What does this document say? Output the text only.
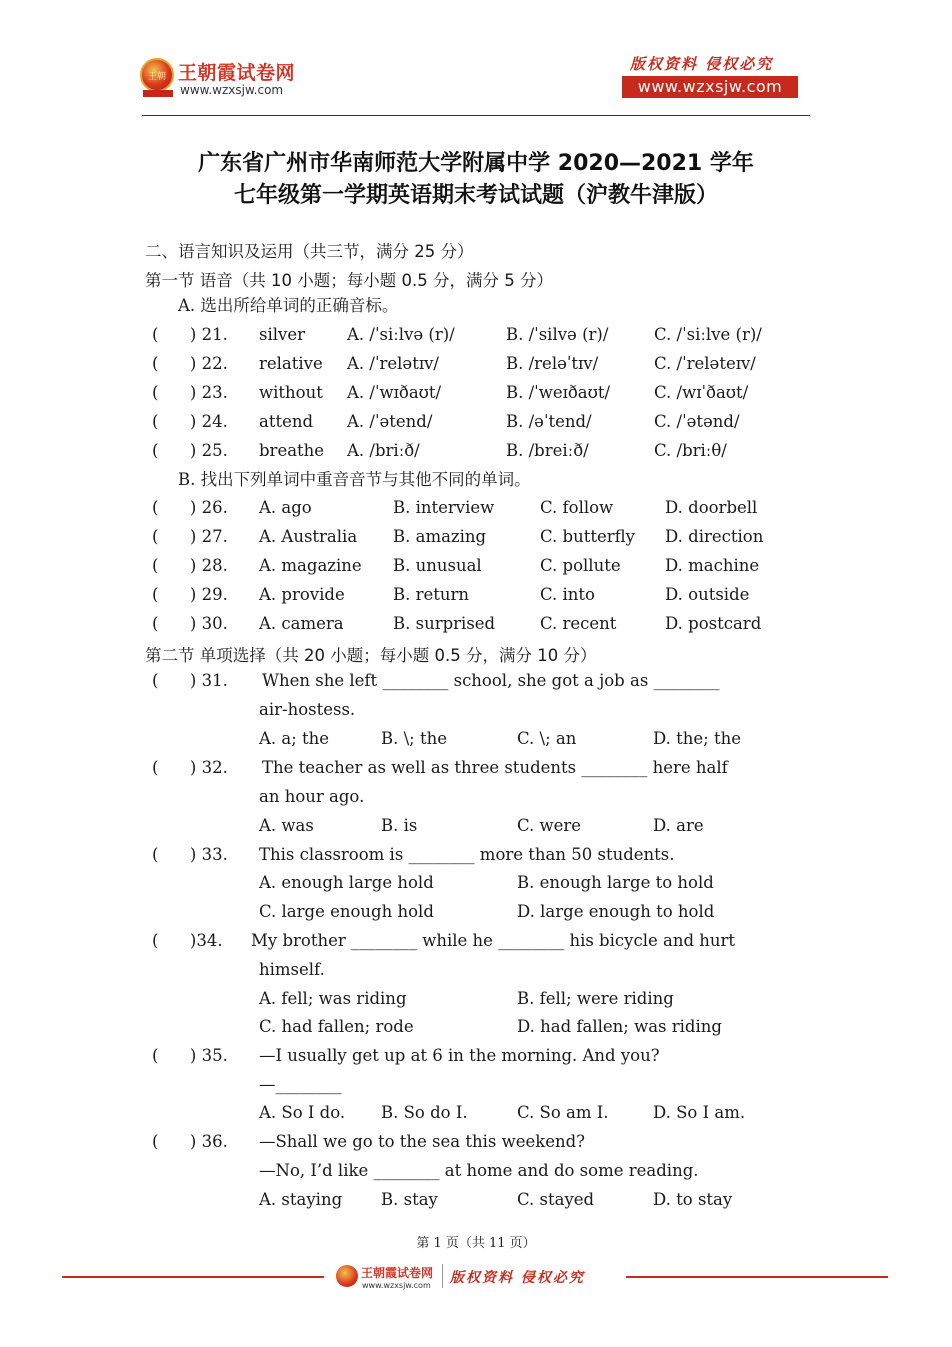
王朝 王朝霞试卷网
www.wzxsjw.com
版权资料 侵权必究
www.wzxsjw.com
广东省广州市华南师范大学附属中学 2020—2021 学年
七年级第一学期英语期末考试试题（沪教牛津版）
二、语言知识及运用（共三节，满分 25 分）
第一节 语音（共 10 小题；每小题 0.5 分，满分 5 分）
A. 选出所给单词的正确音标。
(      ) 21. silver	A. /ˈsiːlvə (r)/	B. /ˈsilvə (r)/	C. /ˈsiːlve (r)/
(      ) 22. relative A. /ˈrelətɪv/	B. /relәˈtɪv/	C. /ˈreləteɪv/
(      ) 23. without A. /ˈwɪðaʊt/	B. /ˈweɪðaʊt/	C. /wɪˈðaʊt/
(      ) 24. attend A. /ˈətend/	B. /əˈtend/	C. /ˈətənd/
(      ) 25. breathe A. /briːð/	B. /breiːð/	C. /briːθ/
B. 找出下列单词中重音音节与其他不同的单词。
(      ) 26. A. ago	B. interview	C. follow	D. doorbell
(      ) 27. A. Australia B. amazing	C. butterfly D. direction
(      ) 28. A. magazine B. unusual	C. pollute	D. machine
(      ) 29. A. provide	B. return	C. into	D. outside
(      ) 30. A. camera	B. surprised	C. recent	D. postcard
第二节 单项选择（共 20 小题；每小题 0.5 分，满分 10 分）
(      ) 31. When she left ________ school, she got a job as ________
air-hostess.
A. a; the	B. \; the	C. \; an	D. the; the
(      ) 32. The teacher as well as three students ________ here half
an hour ago.
A. was	B. is	C. were	D. are
(      ) 33. This classroom is ________ more than 50 students.
A. enough large hold	B. enough large to hold
C. large enough hold	D. large enough to hold
(      )34. My brother ________ while he ________ his bicycle and hurt
himself.
A. fell; was riding	B. fell; were riding
C. had fallen; rode	D. had fallen; was riding
(      ) 35. —I usually get up at 6 in the morning. And you?
—________
A. So I do. B. So do I.	C. So am I.	D. So I am.
(      ) 36. —Shall we go to the sea this weekend?
—No, I’d like ________ at home and do some reading.
A. staying B. stay	C. stayed	D. to stay
第 1 页（共 11 页）
王朝霞试卷网
www.wzxsjw.com 版权资料 侵权必究
